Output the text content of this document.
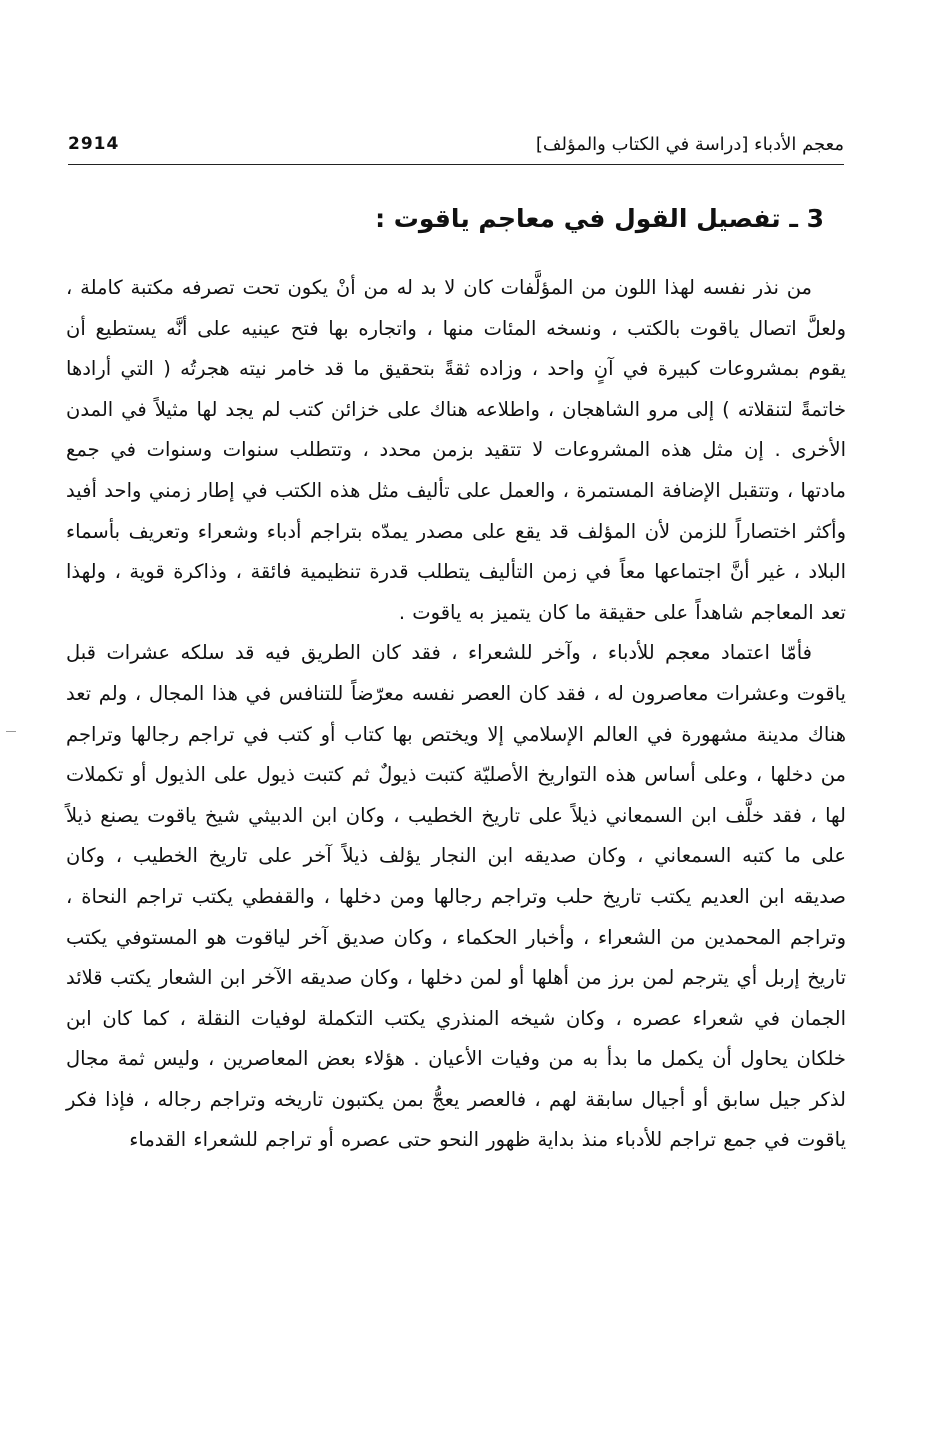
معجم الأدباء [دراسة في الكتاب والمؤلف]
2914
3 ـ تفصيل القول في معاجم ياقوت :

من نذر نفسه لهذا اللون من المؤلَّفات كان لا بد له من أنْ يكون تحت تصرفه مكتبة كاملة ، ولعلَّ اتصال ياقوت بالكتب ، ونسخه المئات منها ، واتجاره بها فتح عينيه على أنَّه يستطيع أن يقوم بمشروعات كبيرة في آنٍ واحد ، وزاده ثقةً بتحقيق ما قد خامر نيته هجرتُه ( التي أرادها خاتمةً لتنقلاته ) إلى مرو الشاهجان ، واطلاعه هناك على خزائن كتب لم يجد لها مثيلاً في المدن الأخرى . إن مثل هذه المشروعات لا تتقيد بزمن محدد ، وتتطلب سنوات وسنوات في جمع مادتها ، وتتقبل الإضافة المستمرة ، والعمل على تأليف مثل هذه الكتب في إطار زمني واحد أفيد وأكثر اختصاراً للزمن لأن المؤلف قد يقع على مصدر يمدّه بتراجم أدباء وشعراء وتعريف بأسماء البلاد ، غير أنَّ اجتماعها معاً في زمن التأليف يتطلب قدرة تنظيمية فائقة ، وذاكرة قوية ، ولهذا تعد المعاجم شاهداً على حقيقة ما كان يتميز به ياقوت .

فأمّا اعتماد معجم للأدباء ، وآخر للشعراء ، فقد كان الطريق فيه قد سلكه عشرات قبل ياقوت وعشرات معاصرون له ، فقد كان العصر نفسه معرّضاً للتنافس في هذا المجال ، ولم تعد هناك مدينة مشهورة في العالم الإسلامي إلا ويختص بها كتاب أو كتب في تراجم رجالها وتراجم من دخلها ، وعلى أساس هذه التواريخ الأصليّة كتبت ذيولٌ ثم كتبت ذيول على الذيول أو تكملات لها ، فقد خلَّف ابن السمعاني ذيلاً على تاريخ الخطيب ، وكان ابن الدبيثي شيخ ياقوت يصنع ذيلاً على ما كتبه السمعاني ، وكان صديقه ابن النجار يؤلف ذيلاً آخر على تاريخ الخطيب ، وكان صديقه ابن العديم يكتب تاريخ حلب وتراجم رجالها ومن دخلها ، والقفطي يكتب تراجم النحاة ، وتراجم المحمدين من الشعراء ، وأخبار الحكماء ، وكان صديق آخر لياقوت هو المستوفي يكتب تاريخ إربل أي يترجم لمن برز من أهلها أو لمن دخلها ، وكان صديقه الآخر ابن الشعار يكتب قلائد الجمان في شعراء عصره ، وكان شيخه المنذري يكتب التكملة لوفيات النقلة ، كما كان ابن خلكان يحاول أن يكمل ما بدأ به من وفيات الأعيان . هؤلاء بعض المعاصرين ، وليس ثمة مجال لذكر جيل سابق أو أجيال سابقة لهم ، فالعصر يعجُّ بمن يكتبون تاريخه وتراجم رجاله ، فإذا فكر ياقوت في جمع تراجم للأدباء منذ بداية ظهور النحو حتى عصره أو تراجم للشعراء القدماء
